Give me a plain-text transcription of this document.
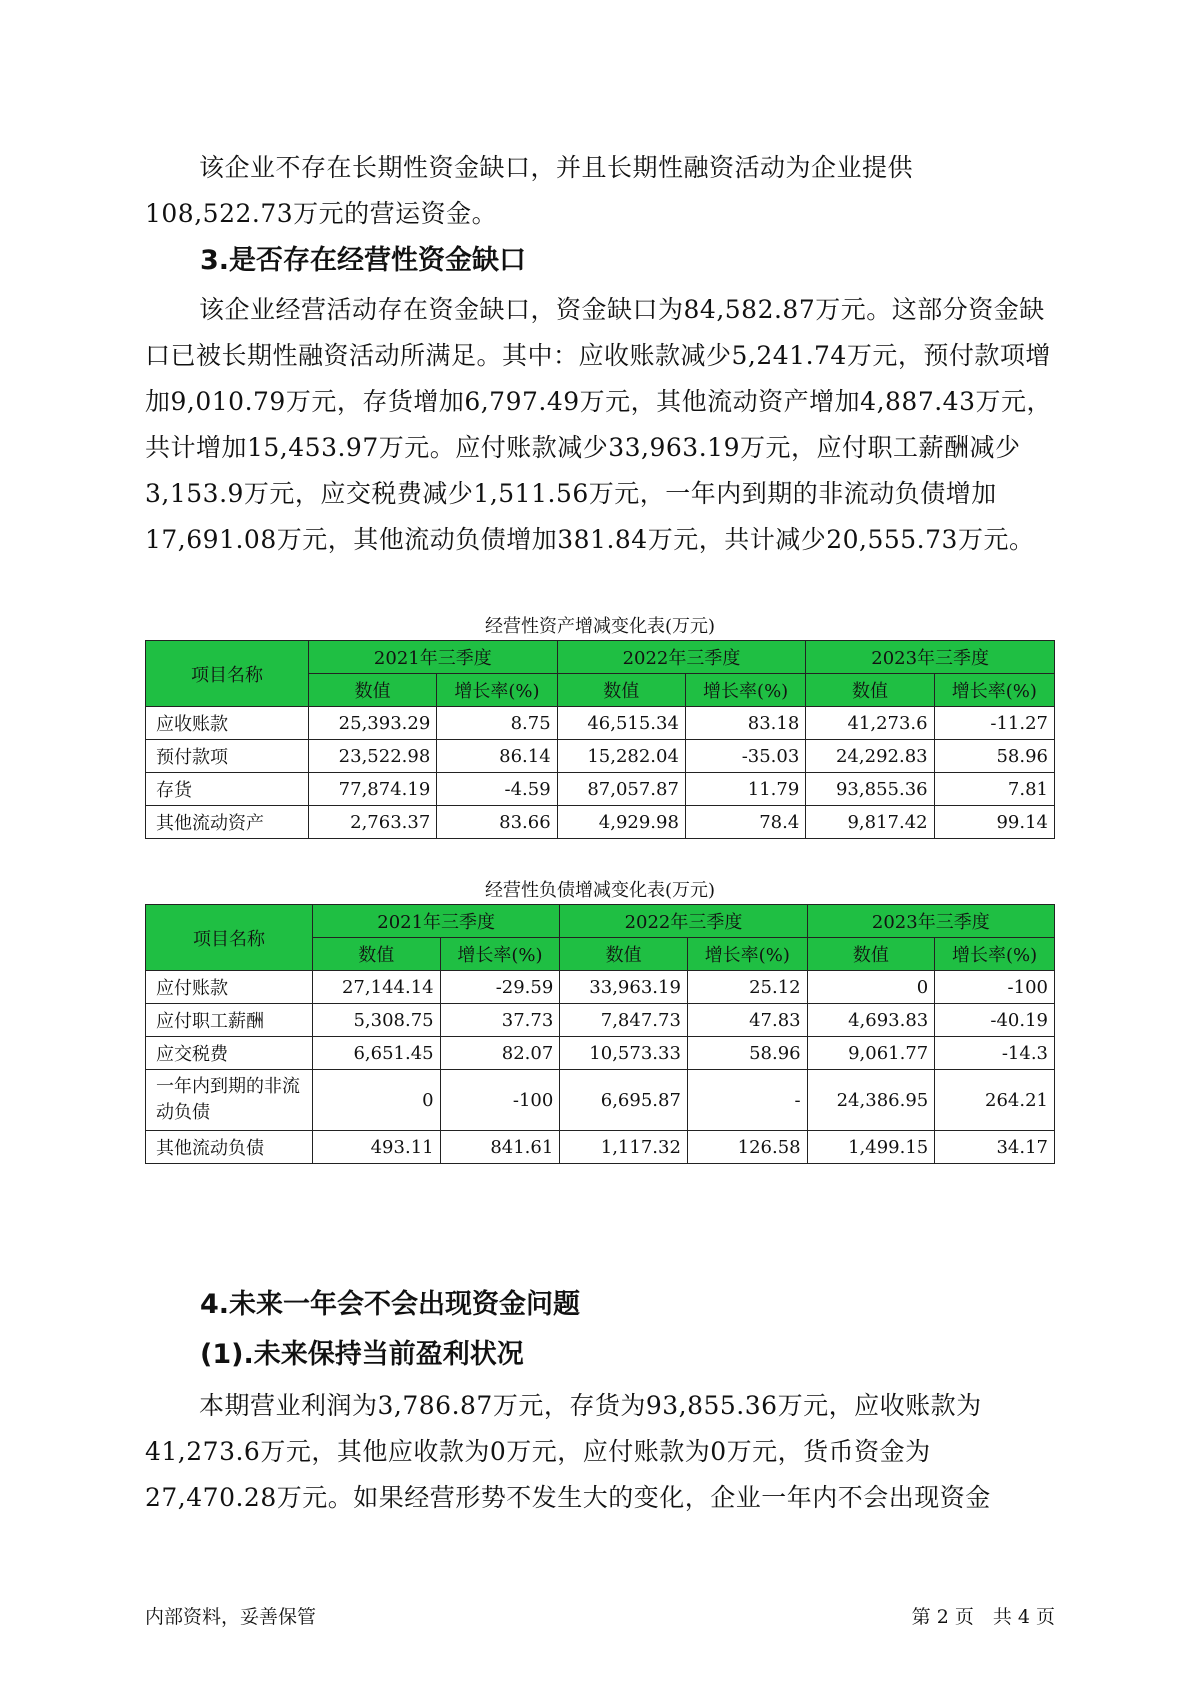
该企业不存在长期性资金缺口，并且长期性融资活动为企业提供108,522.73万元的营运资金。

3.是否存在经营性资金缺口

该企业经营活动存在资金缺口，资金缺口为84,582.87万元。这部分资金缺口已被长期性融资活动所满足。其中：应收账款减少5,241.74万元，预付款项增加9,010.79万元，存货增加6,797.49万元，其他流动资产增加4,887.43万元，共计增加15,453.97万元。应付账款减少33,963.19万元，应付职工薪酬减少3,153.9万元，应交税费减少1,511.56万元，一年内到期的非流动负债增加17,691.08万元，其他流动负债增加381.84万元，共计减少20,555.73万元。

经营性资产增减变化表(万元)

项目名称	2021年三季度		2022年三季度		2023年三季度	
	数值	增长率(%)	数值	增长率(%)	数值	增长率(%)
应收账款	25,393.29	8.75	46,515.34	83.18	41,273.6	-11.27
预付款项	23,522.98	86.14	15,282.04	-35.03	24,292.83	58.96
存货	77,874.19	-4.59	87,057.87	11.79	93,855.36	7.81
其他流动资产	2,763.37	83.66	4,929.98	78.4	9,817.42	99.14

经营性负债增减变化表(万元)

项目名称	2021年三季度		2022年三季度		2023年三季度	
	数值	增长率(%)	数值	增长率(%)	数值	增长率(%)
应付账款	27,144.14	-29.59	33,963.19	25.12	0	-100
应付职工薪酬	5,308.75	37.73	7,847.73	47.83	4,693.83	-40.19
应交税费	6,651.45	82.07	10,573.33	58.96	9,061.77	-14.3
一年内到期的非流动负债	0	-100	6,695.87	-	24,386.95	264.21
其他流动负债	493.11	841.61	1,117.32	126.58	1,499.15	34.17
4.未来一年会不会出现资金问题
(1).未来保持当前盈利状况

本期营业利润为3,786.87万元，存货为93,855.36万元，应收账款为41,273.6万元，其他应收款为0万元，应付账款为0万元，货币资金为27,470.28万元。如果经营形势不发生大的变化，企业一年内不会出现资金

内部资料，妥善保管	第 2 页　共 4 页
